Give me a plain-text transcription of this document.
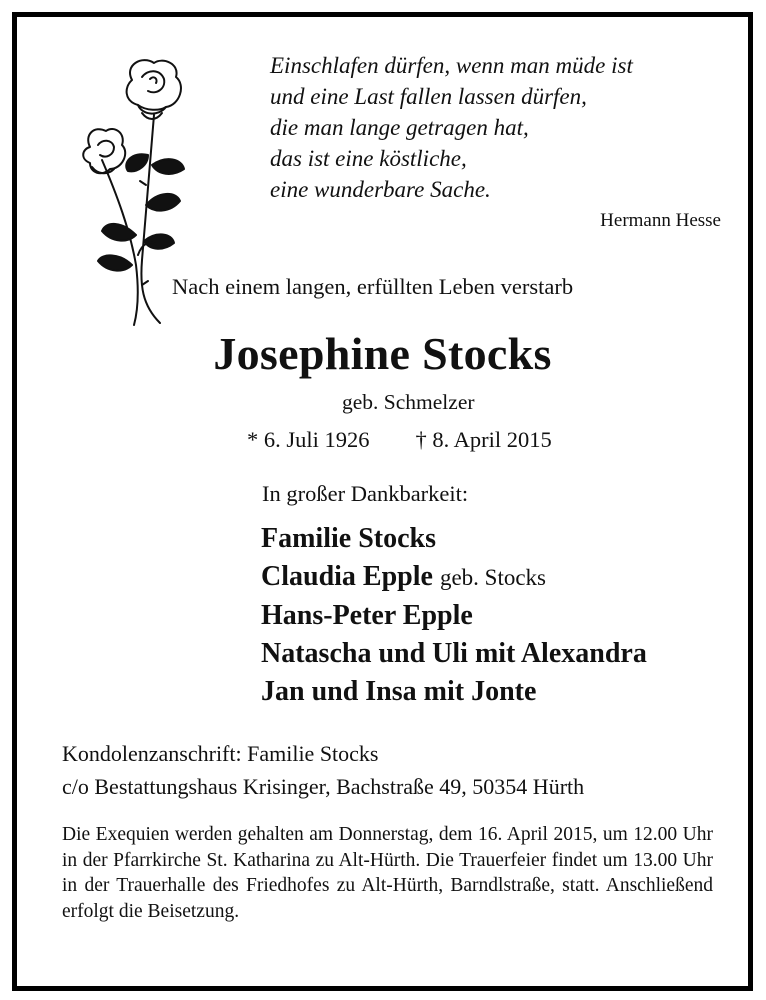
Einschlafen dürfen, wenn man müde ist
und eine Last fallen lassen dürfen,
die man lange getragen hat,
das ist eine köstliche,
eine wunderbare Sache.
Hermann Hesse
Nach einem langen, erfüllten Leben verstarb
Josephine Stocks
geb. Schmelzer
* 6. Juli 1926 † 8. April 2015
In großer Dankbarkeit:
Familie Stocks
Claudia Epple geb. Stocks
Hans-Peter Epple
Natascha und Uli mit Alexandra
Jan und Insa mit Jonte
Kondolenzanschrift: Familie Stocks
c/o Bestattungshaus Krisinger, Bachstraße 49, 50354 Hürth
Die Exequien werden gehalten am Donnerstag, dem 16. April 2015, um 12.00 Uhr in der Pfarrkirche St. Katharina zu Alt-Hürth. Die Trauerfeier findet um 13.00 Uhr in der Trauerhalle des Friedhofes zu Alt-Hürth, Barndlstraße, statt. Anschließend erfolgt die Beisetzung.
